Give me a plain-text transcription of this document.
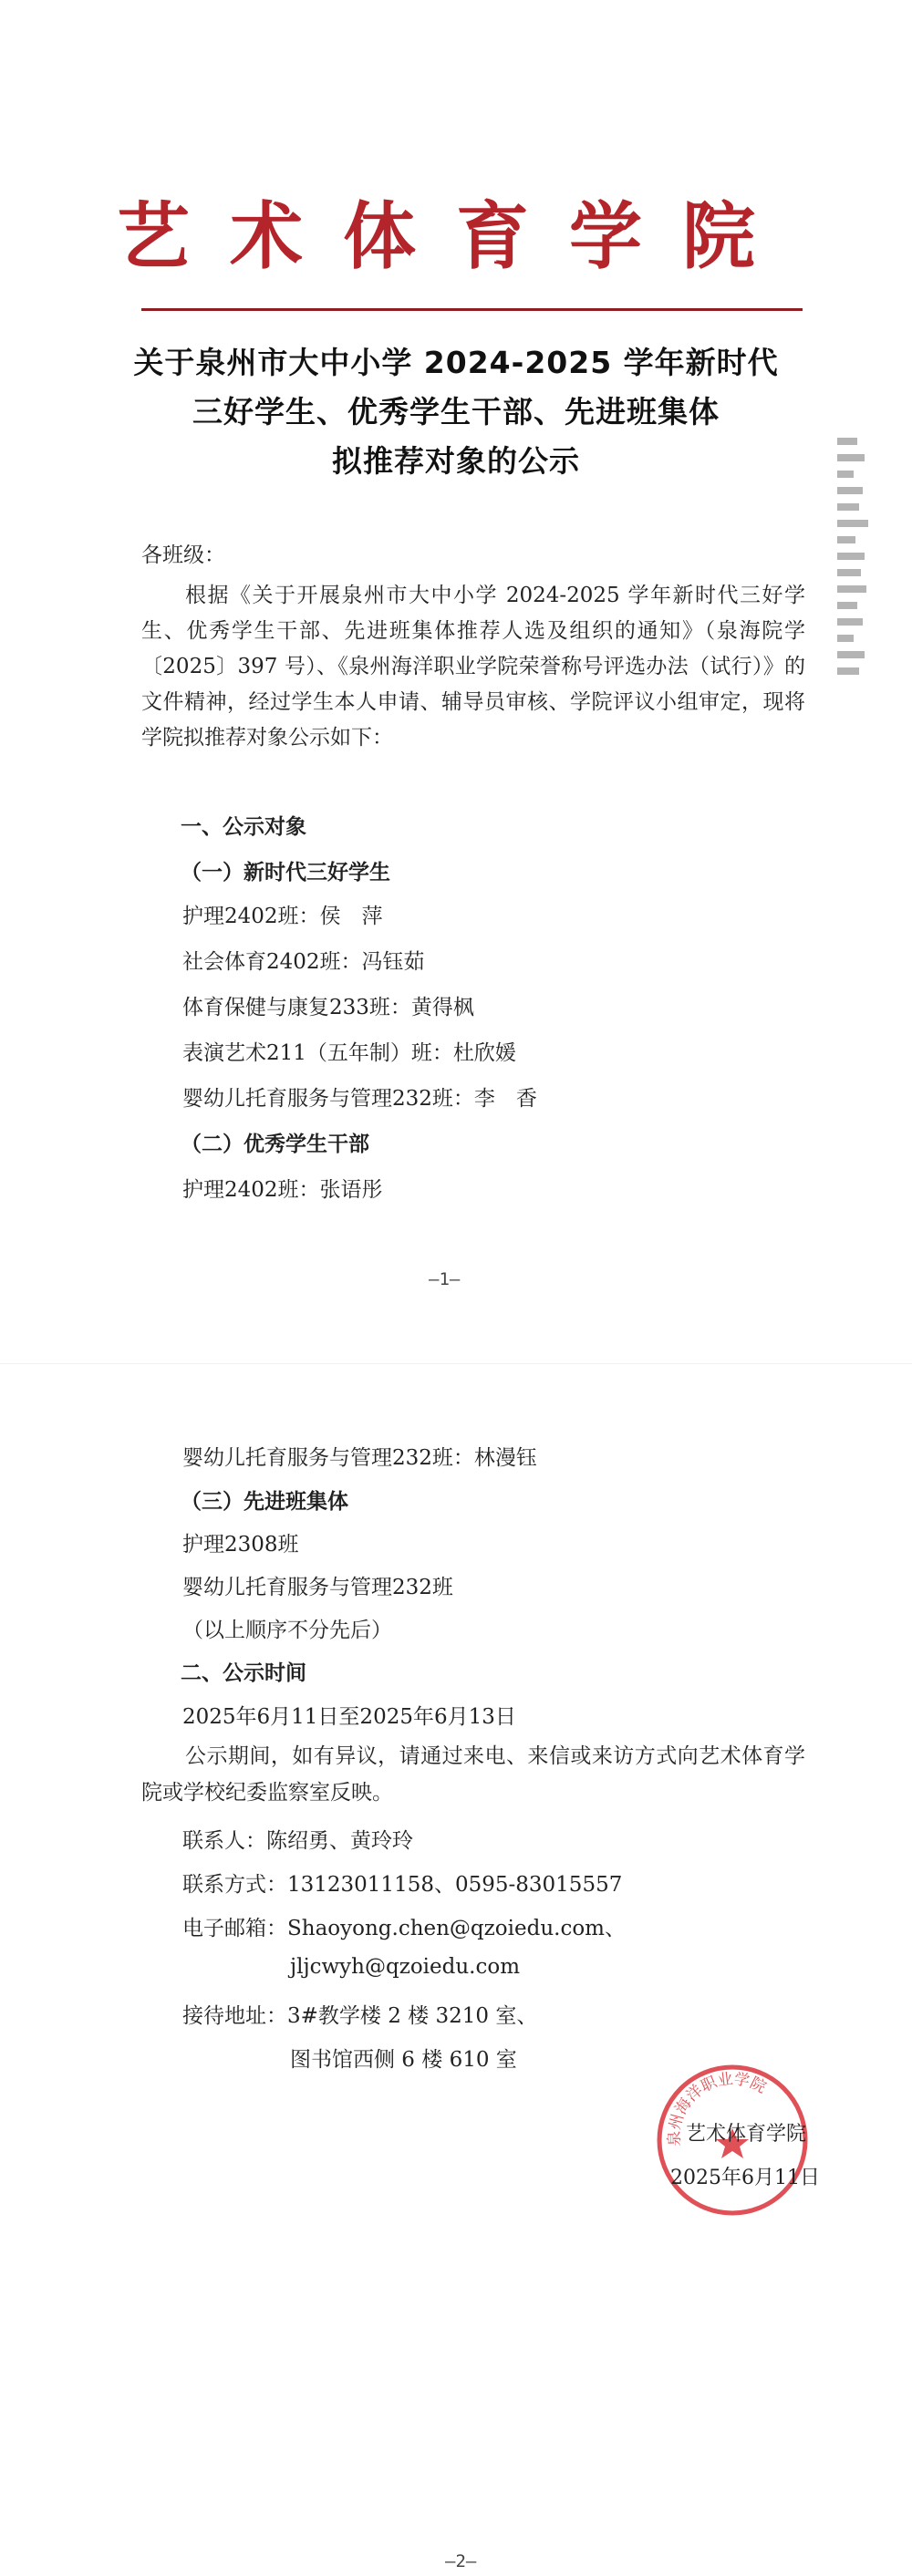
艺术体育学院
关于泉州市大中小学 2024-2025 学年新时代
三好学生、优秀学生干部、先进班集体
拟推荐对象的公示
各班级：
根据《关于开展泉州市大中小学 2024-2025 学年新时代三好学生、优秀学生干部、先进班集体推荐人选及组织的通知》（泉海院学〔2025〕397 号）、《泉州海洋职业学院荣誉称号评选办法（试行）》的文件精神，经过学生本人申请、辅导员审核、学院评议小组审定，现将学院拟推荐对象公示如下：
一、公示对象
（一）新时代三好学生
护理2402班：侯　萍
社会体育2402班：冯钰茹
体育保健与康复233班：黄得枫
表演艺术211（五年制）班：杜欣媛
婴幼儿托育服务与管理232班：李　香
（二）优秀学生干部
护理2402班：张语彤
—1—
婴幼儿托育服务与管理232班：林漫钰
（三）先进班集体
护理2308班
婴幼儿托育服务与管理232班
（以上顺序不分先后）
二、公示时间
2025年6月11日至2025年6月13日
公示期间，如有异议，请通过来电、来信或来访方式向艺术体育学院或学校纪委监察室反映。
联系人：陈绍勇、黄玲玲
联系方式：13123011158、0595-83015557
电子邮箱：Shaoyong.chen@qzoiedu.com、
jljcwyh@qzoiedu.com
接待地址：3#教学楼 2 楼 3210 室、
图书馆西侧 6 楼 610 室
泉州海洋职业学院
艺术体育学院
2025年6月11日
—2—
